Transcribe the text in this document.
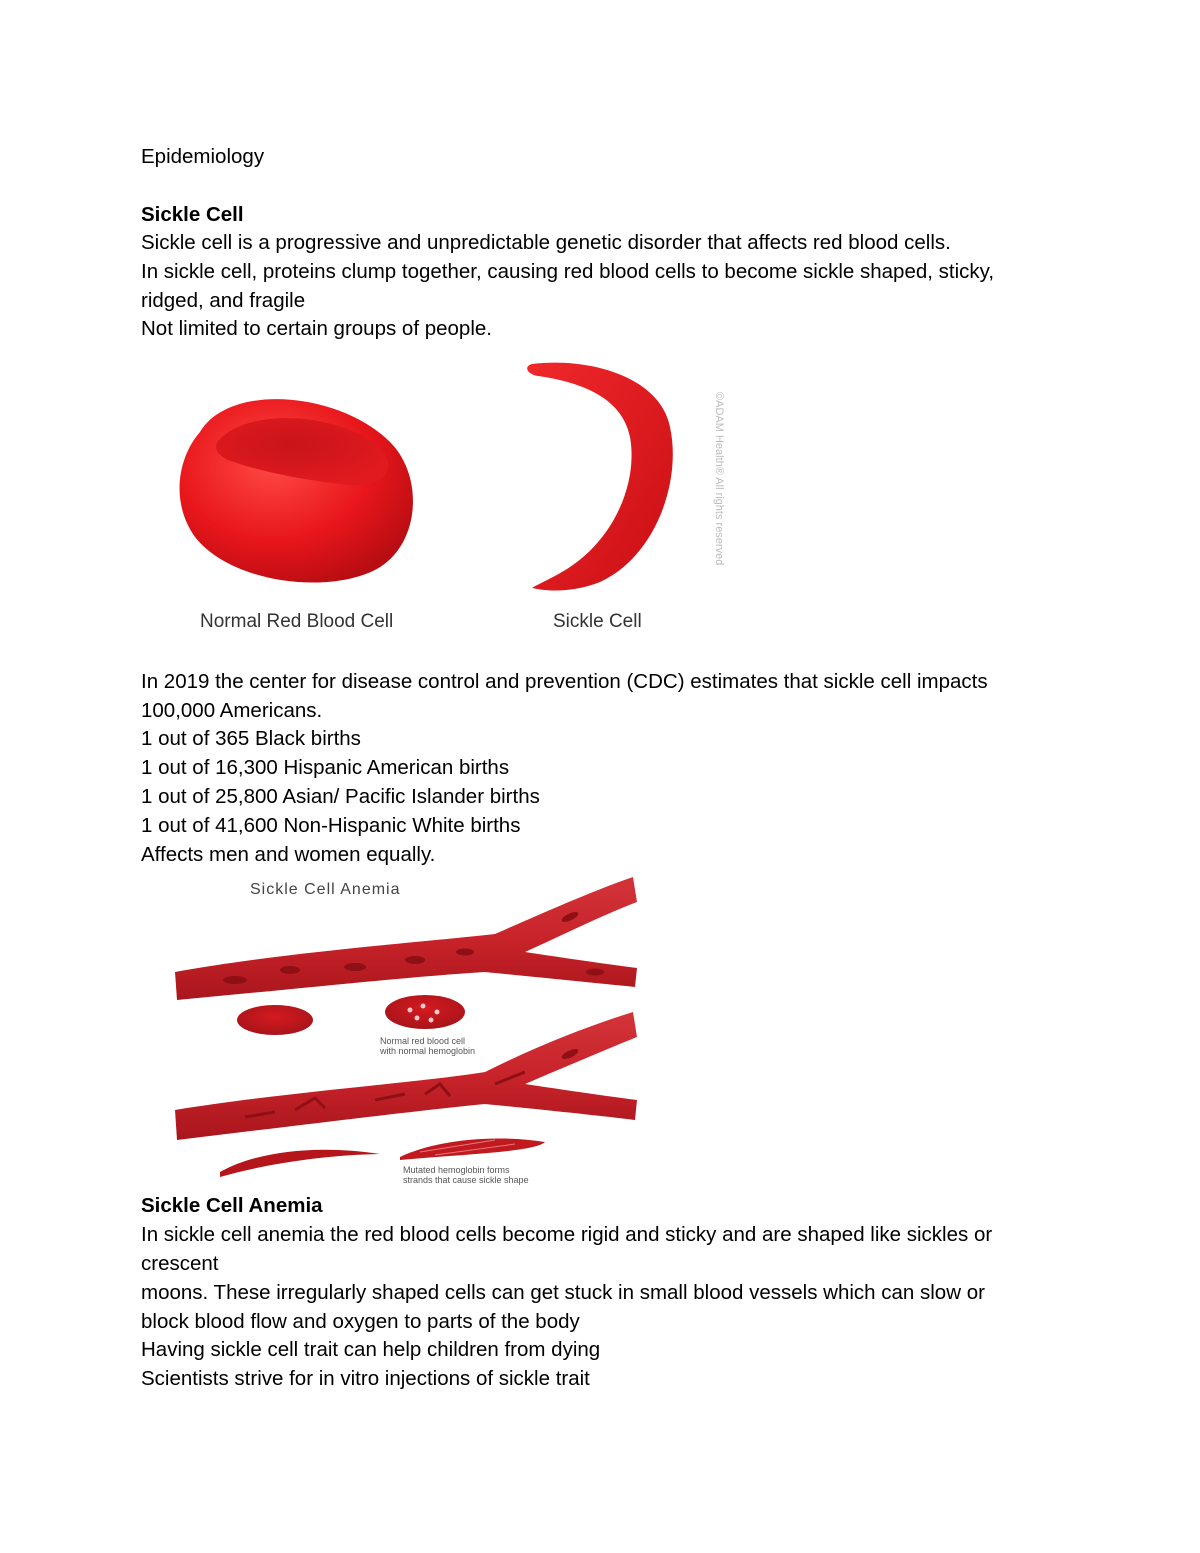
Epidemiology
Sickle Cell
Sickle cell is a progressive and unpredictable genetic disorder that affects red blood cells.
In sickle cell, proteins clump together, causing red blood cells to become sickle shaped, sticky,
ridged, and fragile
Not limited to certain groups of people.
©ADAM Health® All rights reserved
Normal Red Blood Cell	Sickle Cell
In 2019 the center for disease control and prevention (CDC) estimates that sickle cell impacts
100,000 Americans.
1 out of 365 Black births
1 out of 16,300 Hispanic American births
1 out of 25,800 Asian/ Pacific Islander births
1 out of 41,600 Non-Hispanic White births
Affects men and women equally.
Sickle Cell Anemia
Normal red blood cell
with normal hemoglobin
Mutated hemoglobin forms
strands that cause sickle shape
Sickle Cell Anemia
In sickle cell anemia the red blood cells become rigid and sticky and are shaped like sickles or
crescent
moons. These irregularly shaped cells can get stuck in small blood vessels which can slow or
block blood flow and oxygen to parts of the body
Having sickle cell trait can help children from dying
Scientists strive for in vitro injections of sickle trait
